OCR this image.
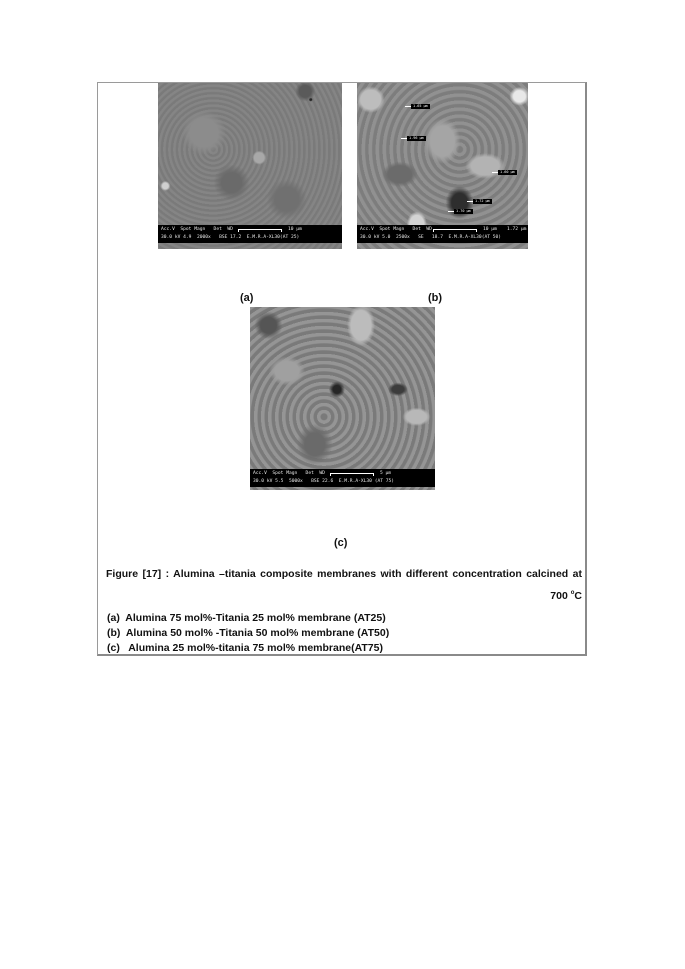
Acc.V  Spot Magn   Det  WD
30.0 kV 4.9  2000x   BSE 17.2  E.M.R.A-XL30(AT 25)
10 µm
1.65 µm
1.96 µm
1.60 µm
1.72 µm
1.70 µm
Acc.V  Spot Magn   Det  WD
30.0 kV 5.0  2500x   SE   18.7  E.M.R.A-XL30(AT 50)
10 µm 1.72 µm
(a)	(b)
Acc.V  Spot Magn   Det  WD
30.0 kV 5.5  5000x   BSE 22.6  E.M.R.A-XL30 (AT 75)
5 µm
(c)
Figure [17] : Alumina –titania composite membranes with different concentration calcined at 700 $^o$C
(a)  Alumina 75 mol%-Titania 25 mol% membrane (AT25)
(b)  Alumina 50 mol% -Titania 50 mol% membrane (AT50)
(c)   Alumina 25 mol%-titania 75 mol% membrane(AT75)
